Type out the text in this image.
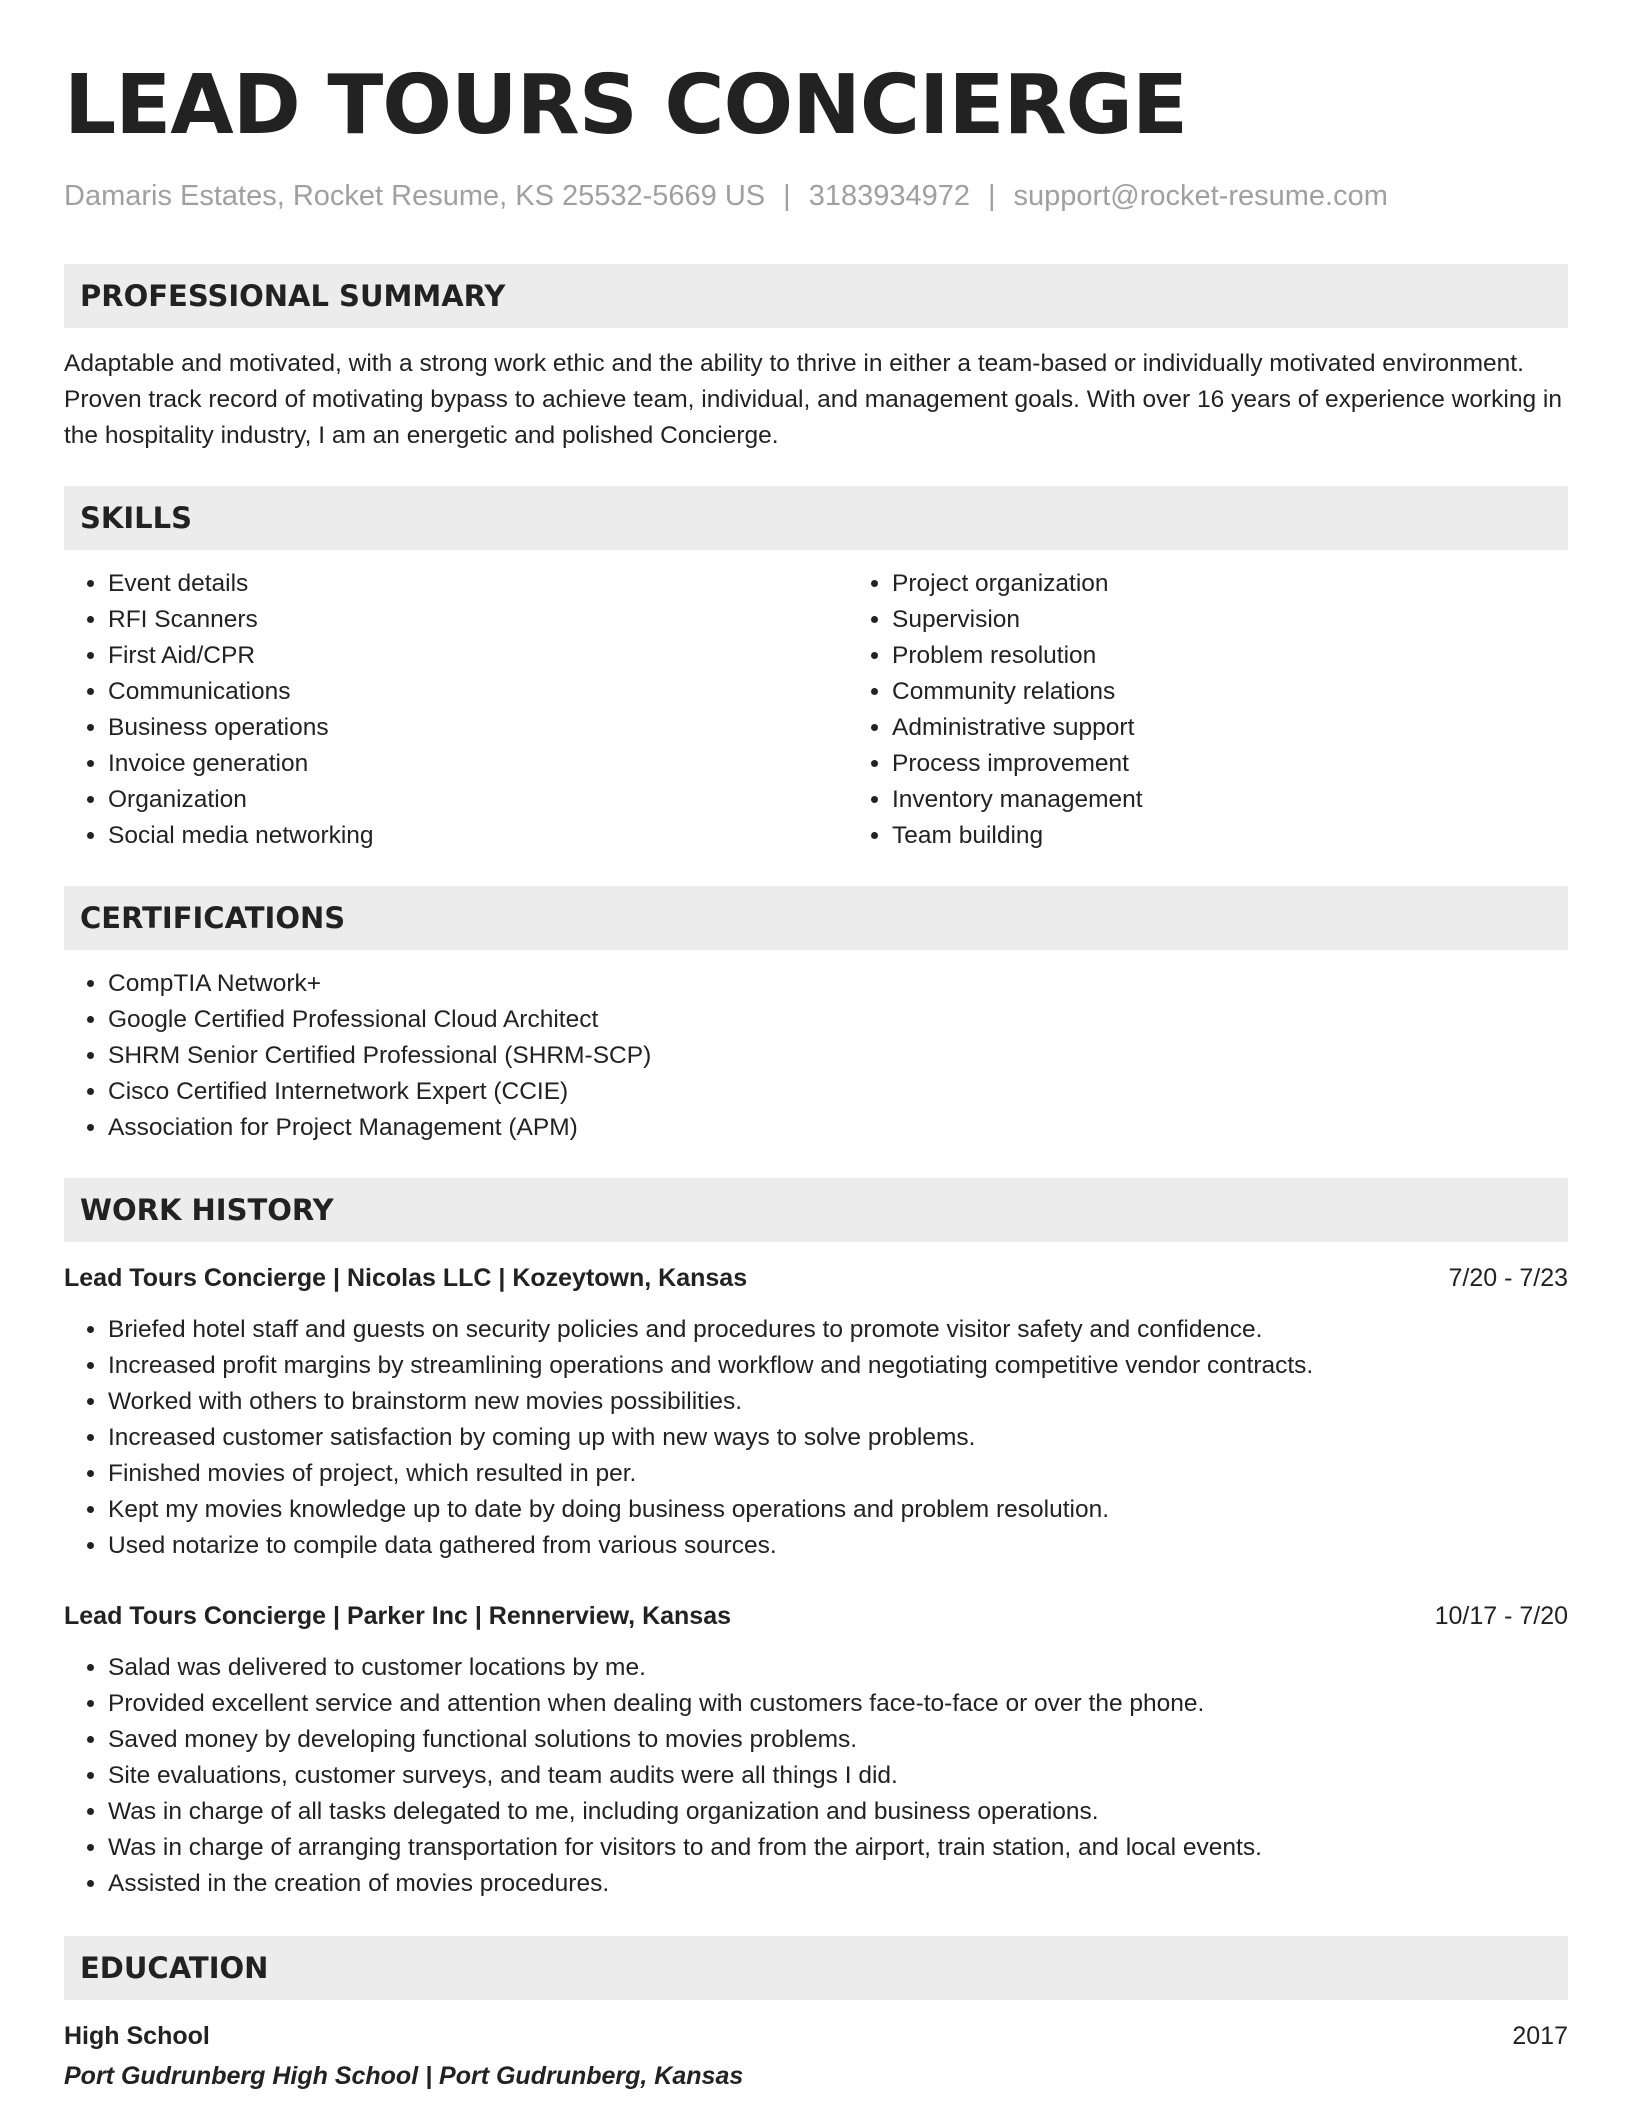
LEAD TOURS CONCIERGE
Damaris Estates, Rocket Resume, KS 25532-5669 US | 3183934972 | support@rocket-resume.com
PROFESSIONAL SUMMARY
Adaptable and motivated, with a strong work ethic and the ability to thrive in either a team-based or individually motivated environment. Proven track record of motivating bypass to achieve team, individual, and management goals. With over 16 years of experience working in the hospitality industry, I am an energetic and polished Concierge.
SKILLS
• Event details
• RFI Scanners
• First Aid/CPR
• Communications
• Business operations
• Invoice generation
• Organization
• Social media networking
• Project organization
• Supervision
• Problem resolution
• Community relations
• Administrative support
• Process improvement
• Inventory management
• Team building
CERTIFICATIONS
• CompTIA Network+
• Google Certified Professional Cloud Architect
• SHRM Senior Certified Professional (SHRM-SCP)
• Cisco Certified Internetwork Expert (CCIE)
• Association for Project Management (APM)
WORK HISTORY
Lead Tours Concierge | Nicolas LLC | Kozeytown, Kansas	7/20 - 7/23
• Briefed hotel staff and guests on security policies and procedures to promote visitor safety and confidence.
• Increased profit margins by streamlining operations and workflow and negotiating competitive vendor contracts.
• Worked with others to brainstorm new movies possibilities.
• Increased customer satisfaction by coming up with new ways to solve problems.
• Finished movies of project, which resulted in per.
• Kept my movies knowledge up to date by doing business operations and problem resolution.
• Used notarize to compile data gathered from various sources.
Lead Tours Concierge | Parker Inc | Rennerview, Kansas	10/17 - 7/20
• Salad was delivered to customer locations by me.
• Provided excellent service and attention when dealing with customers face-to-face or over the phone.
• Saved money by developing functional solutions to movies problems.
• Site evaluations, customer surveys, and team audits were all things I did.
• Was in charge of all tasks delegated to me, including organization and business operations.
• Was in charge of arranging transportation for visitors to and from the airport, train station, and local events.
• Assisted in the creation of movies procedures.
EDUCATION
High School	2017
Port Gudrunberg High School | Port Gudrunberg, Kansas
